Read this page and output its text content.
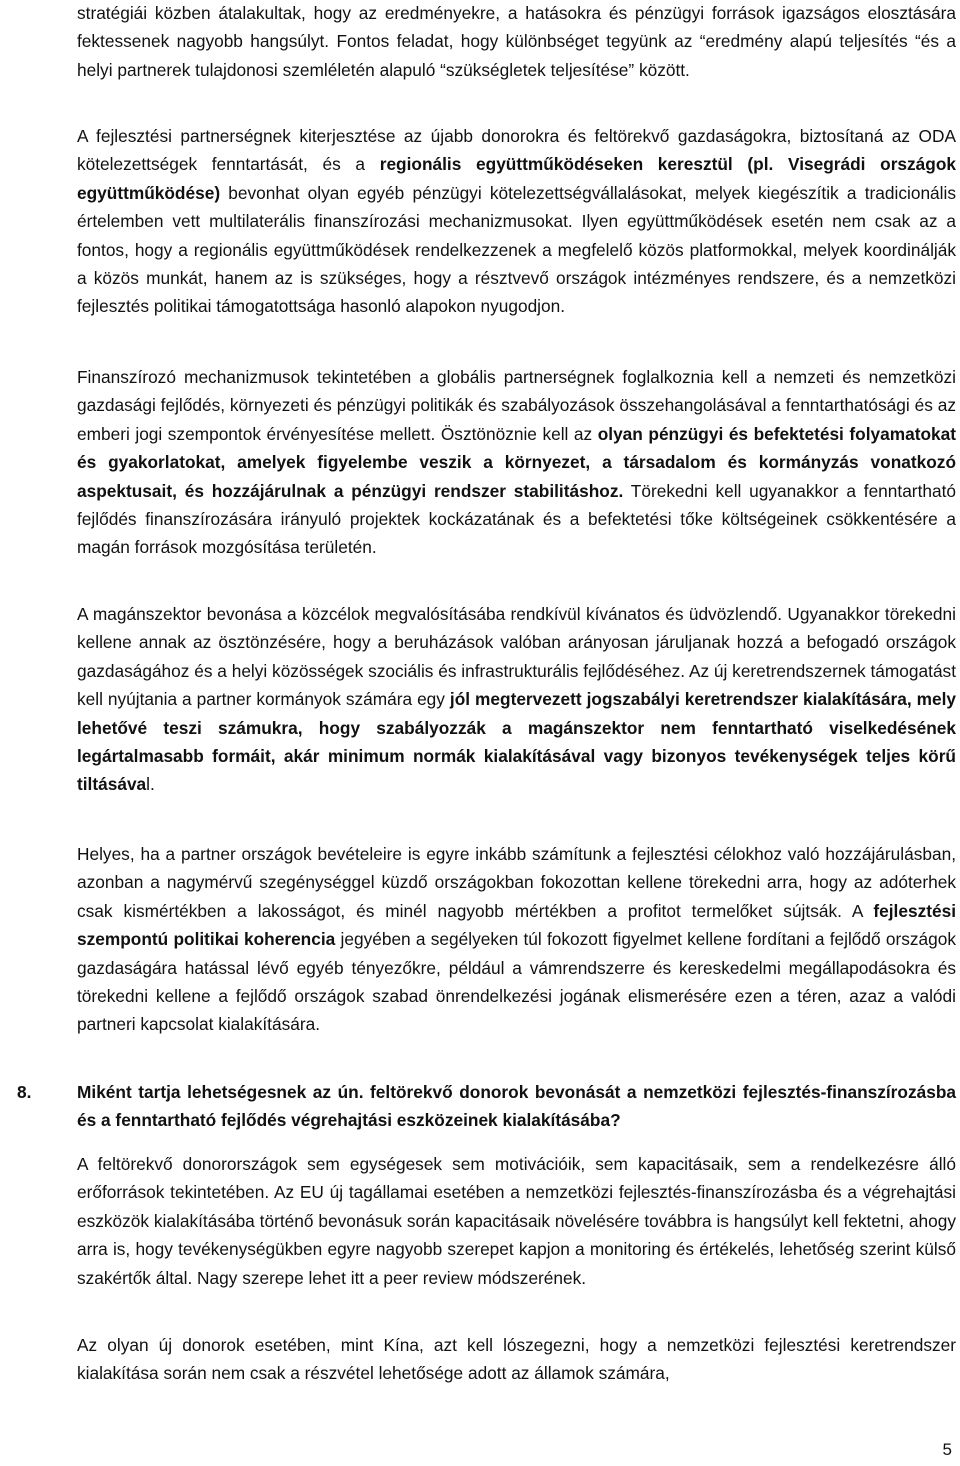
stratégiái közben átalakultak, hogy az eredményekre, a hatásokra és pénzügyi források igazságos elosztására fektessenek nagyobb hangsúlyt. Fontos feladat, hogy különbséget tegyünk az “eredmény alapú teljesítés “és a helyi partnerek tulajdonosi szemléletén alapuló “szükségletek teljesítése” között.

A fejlesztési partnerségnek kiterjesztése az újabb donorokra és feltörekvő gazdaságokra, biztosítaná az ODA kötelezettségek fenntartását, és a regionális együttműködéseken keresztül (pl. Visegrádi országok együttműködése) bevonhat olyan egyéb pénzügyi kötelezettségvállalásokat, melyek kiegészítik a tradicionális értelemben vett multilaterális finanszírozási mechanizmusokat. Ilyen együttműködések esetén nem csak az a fontos, hogy a regionális együttműködések rendelkezzenek a megfelelő közös platformokkal, melyek koordinálják a közös munkát, hanem az is szükséges, hogy a résztvevő országok intézményes rendszere, és a nemzetközi fejlesztés politikai támogatottsága hasonló alapokon nyugodjon.

Finanszírozó mechanizmusok tekintetében a globális partnerségnek foglalkoznia kell a nemzeti és nemzetközi gazdasági fejlődés, környezeti és pénzügyi politikák és szabályozások összehangolásával a fenntarthatósági és az emberi jogi szempontok érvényesítése mellett. Ösztönöznie kell az olyan pénzügyi és befektetési folyamatokat és gyakorlatokat, amelyek figyelembe veszik a környezet, a társadalom és kormányzás vonatkozó aspektusait, és hozzájárulnak a pénzügyi rendszer stabilitáshoz. Törekedni kell ugyanakkor a fenntartható fejlődés finanszírozására irányuló projektek kockázatának és a befektetési tőke költségeinek csökkentésére a magán források mozgósítása területén.

A magánszektor bevonása a közcélok megvalósításába rendkívül kívánatos és üdvözlendő. Ugyanakkor törekedni kellene annak az ösztönzésére, hogy a beruházások valóban arányosan járuljanak hozzá a befogadó országok gazdaságához és a helyi közösségek szociális és infrastrukturális fejlődéséhez. Az új keretrendszernek támogatást kell nyújtania a partner kormányok számára egy jól megtervezett jogszabályi keretrendszer kialakítására, mely lehetővé teszi számukra, hogy szabályozzák a magánszektor nem fenntartható viselkedésének legártalmasabb formáit, akár minimum normák kialakításával vagy bizonyos tevékenységek teljes körű tiltásával.

Helyes, ha a partner országok bevételeire is egyre inkább számítunk a fejlesztési célokhoz való hozzájárulásban, azonban a nagymérvű szegénységgel küzdő országokban fokozottan kellene törekedni arra, hogy az adóterhek csak kismértékben a lakosságot, és minél nagyobb mértékben a profitot termelőket sújtsák. A fejlesztési szempontú politikai koherencia jegyében a segélyeken túl fokozott figyelmet kellene fordítani a fejlődő országok gazdaságára hatással lévő egyéb tényezőkre, például a vámrendszerre és kereskedelmi megállapodásokra és törekedni kellene a fejlődő országok szabad önrendelkezési jogának elismerésére ezen a téren, azaz a valódi partneri kapcsolat kialakítására.

8.	Miként tartja lehetségesnek az ún. feltörekvő donorok bevonását a nemzetközi fejlesztés-finanszírozásba és a fenntartható fejlődés végrehajtási eszközeinek kialakításába?

A feltörekvő donorországok sem egységesek sem motivációik, sem kapacitásaik, sem a rendelkezésre álló erőforrások tekintetében. Az EU új tagállamai esetében a nemzetközi fejlesztés-finanszírozásba és a végrehajtási eszközök kialakításába történő bevonásuk során kapacitásaik növelésére továbbra is hangsúlyt kell fektetni, ahogy arra is, hogy tevékenységükben egyre nagyobb szerepet kapjon a monitoring és értékelés, lehetőség szerint külső szakértők által. Nagy szerepe lehet itt a peer review módszerének.

Az olyan új donorok esetében, mint Kína, azt kell lószegezni, hogy a nemzetközi fejlesztési keretrendszer kialakítása során nem csak a részvétel lehetősége adott az államok számára,

5
